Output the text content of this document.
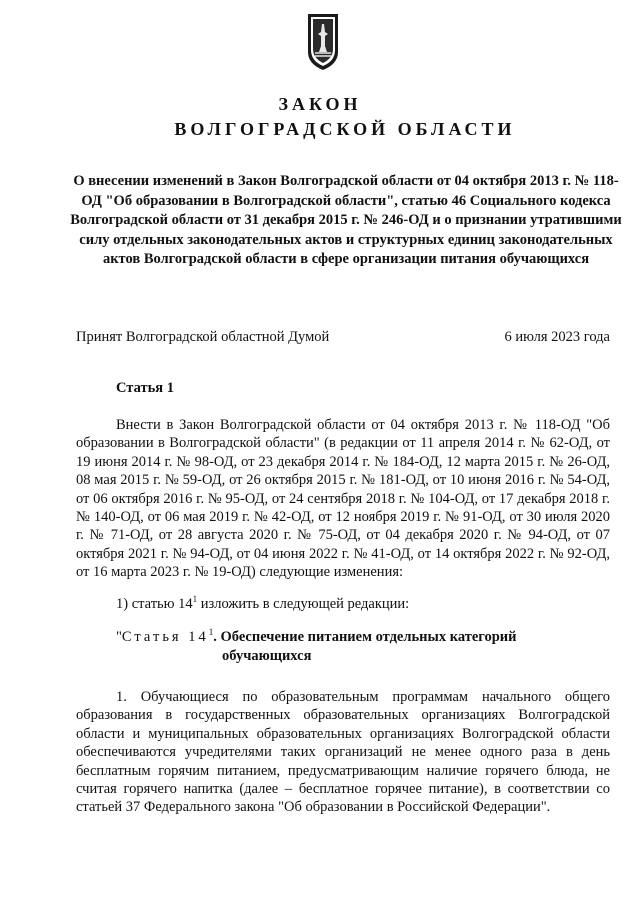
ЗАКОН
ВОЛГОГРАДСКОЙ ОБЛАСТИ
О внесении изменений в Закон Волгоградской области от 04 октября 2013 г. № 118-ОД "Об образовании в Волгоградской области", статью 46 Социального кодекса Волгоградской области от 31 декабря 2015 г. № 246-ОД и о признании утратившими силу отдельных законодательных актов и структурных единиц законодательных актов Волгоградской области в сфере организации питания обучающихся
Принят Волгоградской областной Думой	6 июля 2023 года
Статья 1
Внести в Закон Волгоградской области от 04 октября 2013 г. № 118-ОД "Об образовании в Волгоградской области" (в редакции от 11 апреля 2014 г. № 62-ОД, от 19 июня 2014 г. № 98-ОД, от 23 декабря 2014 г. № 184-ОД, 12 марта 2015 г. № 26-ОД, 08 мая 2015 г. № 59-ОД, от 26 октября 2015 г. № 181-ОД, от 10 июня 2016 г. № 54-ОД, от 06 октября 2016 г. № 95-ОД, от 24 сентября 2018 г. № 104-ОД, от 17 декабря 2018 г. № 140-ОД, от 06 мая 2019 г. № 42-ОД, от 12 ноября 2019 г. № 91-ОД, от 30 июля 2020 г. № 71-ОД, от 28 августа 2020 г. № 75-ОД, от 04 декабря 2020 г. № 94-ОД, от 07 октября 2021 г. № 94-ОД, от 04 июня 2022 г. № 41-ОД, от 14 октября 2022 г. № 92-ОД, от 16 марта 2023 г. № 19-ОД) следующие изменения:
1) статью $14^1$ изложить в следующей редакции:
"Статья $14^1$. Обеспечение питанием отдельных категорий
обучающихся
1. Обучающиеся по образовательным программам начального общего образования в государственных образовательных организациях Волгоградской области и муниципальных образовательных организациях Волгоградской области обеспечиваются учредителями таких организаций не менее одного раза в день бесплатным горячим питанием, предусматривающим наличие горячего блюда, не считая горячего напитка (далее – бесплатное горячее питание), в соответствии со статьей 37 Федерального закона "Об образовании в Российской Федерации".
